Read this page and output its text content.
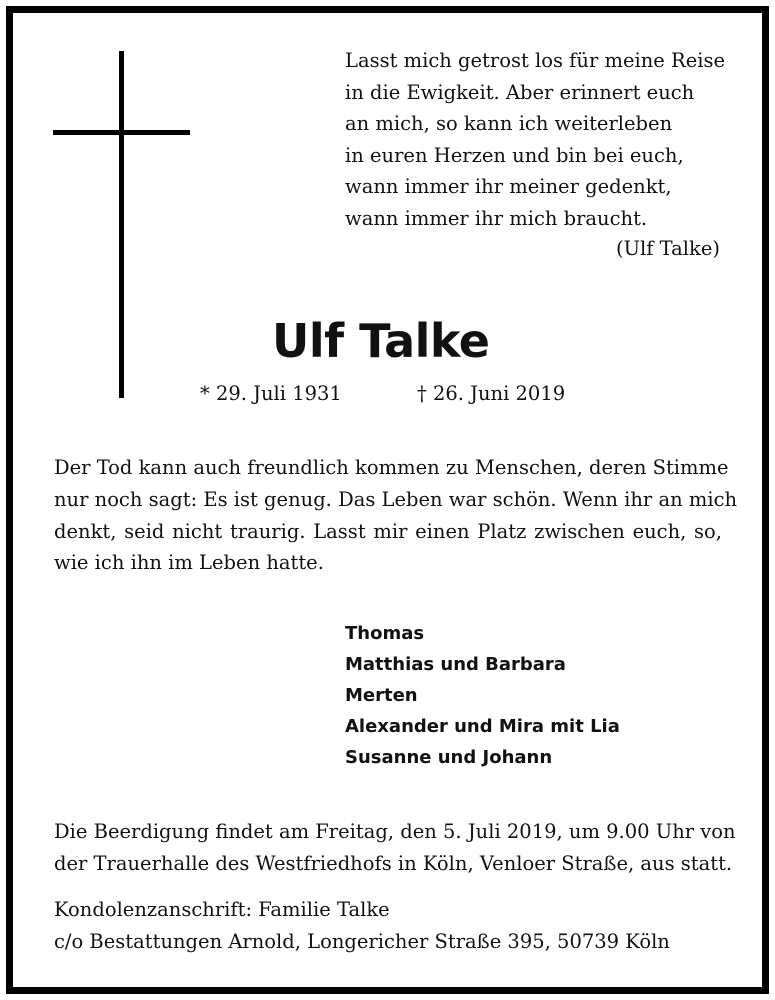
Lasst mich getrost los für meine Reise
in die Ewigkeit. Aber erinnert euch
an mich, so kann ich weiterleben
in euren Herzen und bin bei euch,
wann immer ihr meiner gedenkt,
wann immer ihr mich braucht.
(Ulf Talke)
Ulf Talke
* 29. Juli 1931	† 26. Juni 2019
Der Tod kann auch freundlich kommen zu Menschen, deren Stimme
nur noch sagt: Es ist genug. Das Leben war schön. Wenn ihr an mich
denkt, seid nicht traurig. Lasst mir einen Platz zwischen euch, so,
wie ich ihn im Leben hatte.
Thomas
Matthias und Barbara
Merten
Alexander und Mira mit Lia
Susanne und Johann
Die Beerdigung findet am Freitag, den 5. Juli 2019, um 9.00 Uhr von
der Trauerhalle des Westfriedhofs in Köln, Venloer Straße, aus statt.
Kondolenzanschrift: Familie Talke
c/o Bestattungen Arnold, Longericher Straße 395, 50739 Köln
